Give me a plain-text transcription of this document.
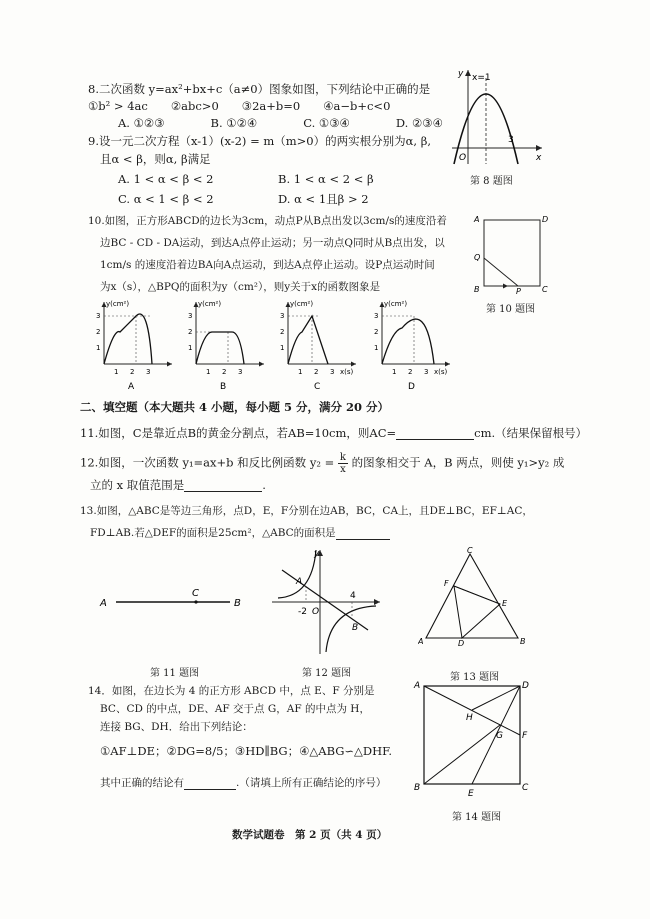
8.二次函数 y=ax²+bx+c（a≠0）图象如图，下列结论中正确的是
①b² > 4ac　　②abc>0　　③2a+b=0　　④a−b+c<0
A. ①②③　　　　B. ①②④　　　　C. ①③④　　　　D. ②③④
x=1
3
O	x
y
第 8 题图
9.设一元二次方程（x-1）(x-2) = m（m>0）的两实根分别为α, β,
且α < β，则α, β满足
A. 1 < α < β < 2	B. 1 < α < 2 < β
C. α < 1 < β < 2	D. α < 1且β > 2
10.如图，正方形ABCD的边长为3cm，动点P从B点出发以3cm/s的速度沿着
边BC - CD - DA运动，到达A点停止运动；另一动点Q同时从B点出发，以
1cm/s 的速度沿着边BA向A点运动，到达A点停止运动。设P点运动时间
为x（s），△BPQ的面积为y（cm²），则y关于x的函数图象是
A	D
Q
B	P	C
第 10 题图
y(cm²)
3
2
1
1 2 3
A
y(cm²)
3
2
1
1 2 3
B
y(cm²)
3
2
1
1 2 3 x(s)
C
y(cm²)
3
2
1
1 2 3 x(s)
D
二、填空题（本大题共 4 小题，每小题 5 分，满分 20 分）
11.如图，C是靠近点B的黄金分割点，若AB=10cm，则AC=	cm.（结果保留根号）
12.如图，一次函数 y₁=ax+b 和反比例函数 $y_2 = \frac{k}{x}$ 的图象相交于 A，B 两点，则使 y₁>y₂ 成
立的 x 取值范围是	.
13.如图，△ABC是等边三角形，点D，E，F分别在边AB，BC，CA上，且DE⊥BC，EF⊥AC，
FD⊥AB.若△DEF的面积是25cm²，△ABC的面积是
A
C
B
第 11 题图
y
A
B
-2 O
4
第 12 题图
C
F
E
A	D	B
第 13 题图
14．如图，在边长为 4 的正方形 ABCD 中，点 E、F 分别是
BC、CD 的中点，DE、AF 交于点 G，AF 的中点为 H，
连接 BG、DH．给出下列结论：
①AF⊥DE；②DG=8/5；③HD∥BG；④△ABG∽△DHF.
其中正确的结论有	.（请填上所有正确结论的序号）
A	D
H
G F
B
E
C
第 14 题图
数学试题卷　第 2 页（共 4 页）
